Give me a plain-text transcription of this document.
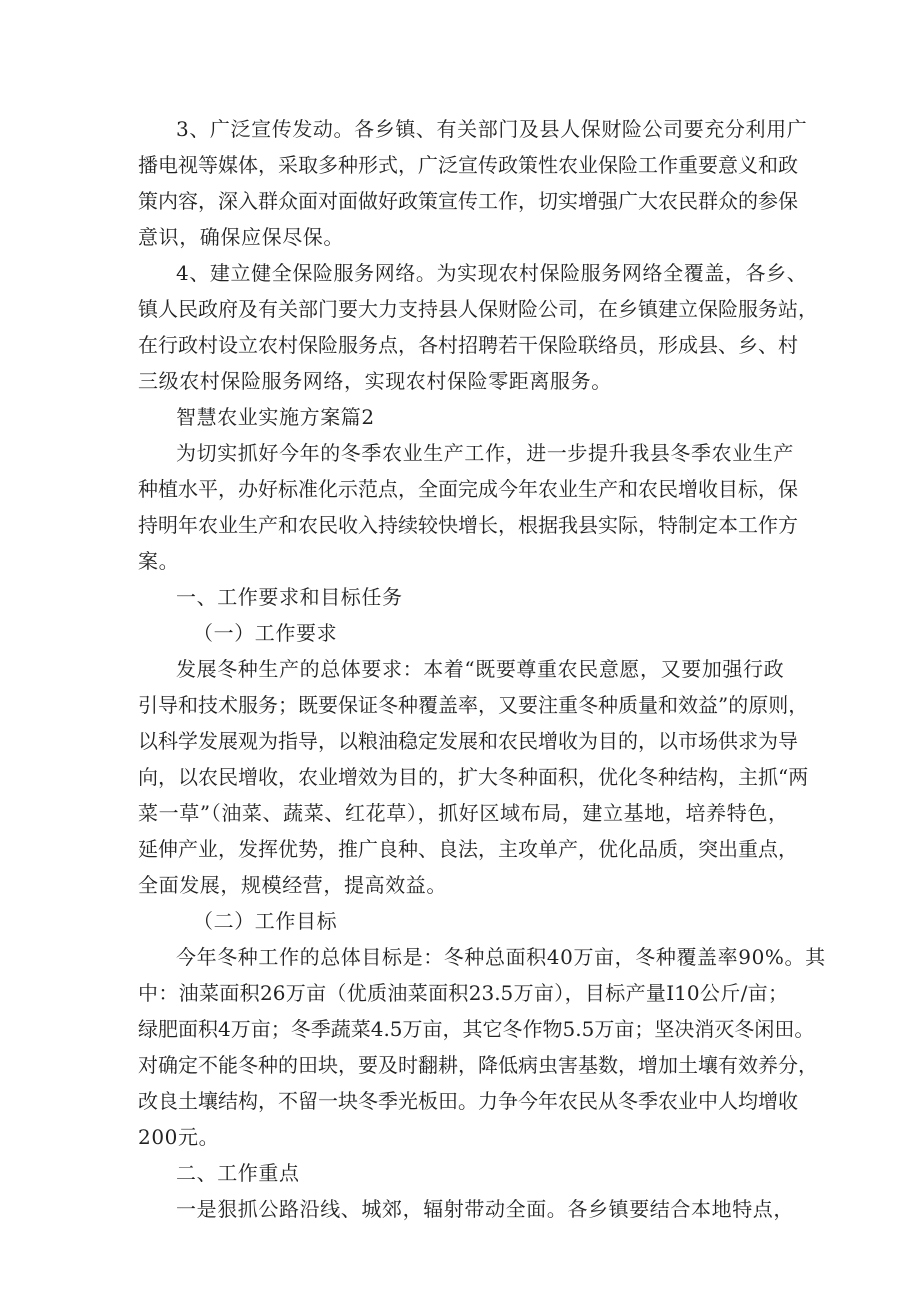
3、广泛宣传发动。各乡镇、有关部门及县人保财险公司要充分利用广
播电视等媒体，采取多种形式，广泛宣传政策性农业保险工作重要意义和政
策内容，深入群众面对面做好政策宣传工作，切实增强广大农民群众的参保
意识，确保应保尽保。
4、建立健全保险服务网络。为实现农村保险服务网络全覆盖，各乡、
镇人民政府及有关部门要大力支持县人保财险公司，在乡镇建立保险服务站，
在行政村设立农村保险服务点，各村招聘若干保险联络员，形成县、乡、村
三级农村保险服务网络，实现农村保险零距离服务。
智慧农业实施方案篇2
为切实抓好今年的冬季农业生产工作，进一步提升我县冬季农业生产
种植水平，办好标准化示范点，全面完成今年农业生产和农民增收目标，保
持明年农业生产和农民收入持续较快增长，根据我县实际，特制定本工作方
案。
一、工作要求和目标任务
（一）工作要求
发展冬种生产的总体要求：本着“既要尊重农民意愿，又要加强行政
引导和技术服务；既要保证冬种覆盖率，又要注重冬种质量和效益”的原则，
以科学发展观为指导，以粮油稳定发展和农民增收为目的，以市场供求为导
向，以农民增收，农业增效为目的，扩大冬种面积，优化冬种结构，主抓“两
菜一草”（油菜、蔬菜、红花草），抓好区域布局，建立基地，培养特色，
延伸产业，发挥优势，推广良种、良法，主攻单产，优化品质，突出重点，
全面发展，规模经营，提高效益。
（二）工作目标
今年冬种工作的总体目标是：冬种总面积40万亩，冬种覆盖率90%。其
中：油菜面积26万亩（优质油菜面积23.5万亩），目标产量I10公斤/亩；
绿肥面积4万亩；冬季蔬菜4.5万亩，其它冬作物5.5万亩；坚决消灭冬闲田。
对确定不能冬种的田块，要及时翻耕，降低病虫害基数，增加土壤有效养分，
改良土壤结构，不留一块冬季光板田。力争今年农民从冬季农业中人均增收
200元。
二、工作重点
一是狠抓公路沿线、城郊，辐射带动全面。各乡镇要结合本地特点，
